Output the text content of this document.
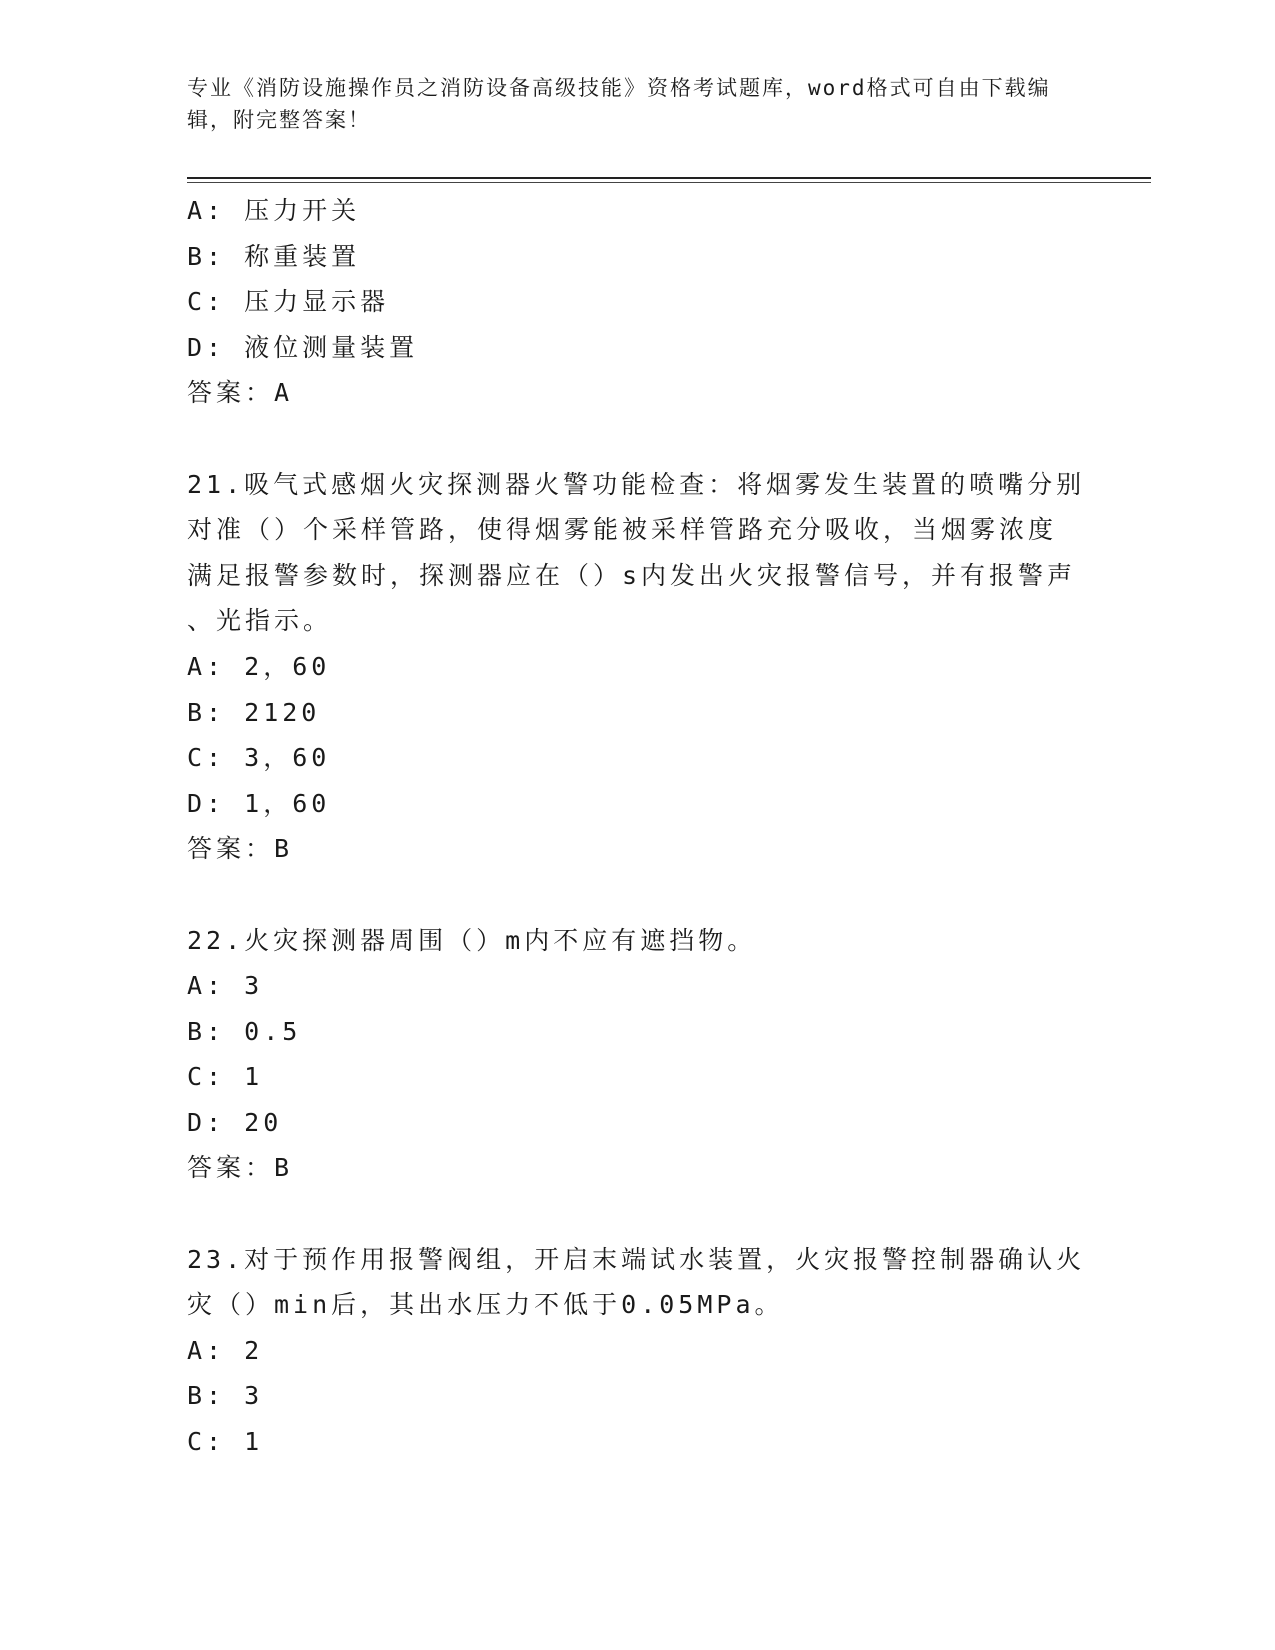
专业《消防设施操作员之消防设备高级技能》资格考试题库，word格式可自由下载编辑，附完整答案！
A: 压力开关
B: 称重装置
C: 压力显示器
D: 液位测量装置
答案：A
21.吸气式感烟火灾探测器火警功能检查：将烟雾发生装置的喷嘴分别
对准（）个采样管路，使得烟雾能被采样管路充分吸收，当烟雾浓度
满足报警参数时，探测器应在（）s内发出火灾报警信号，并有报警声
、光指示。
A: 2，60
B: 2120
C: 3，60
D: 1，60
答案：B
22.火灾探测器周围（）m内不应有遮挡物。
A: 3
B: 0.5
C: 1
D: 20
答案：B
23.对于预作用报警阀组，开启末端试水装置，火灾报警控制器确认火
灾（）min后，其出水压力不低于0.05MPa。
A: 2
B: 3
C: 1
